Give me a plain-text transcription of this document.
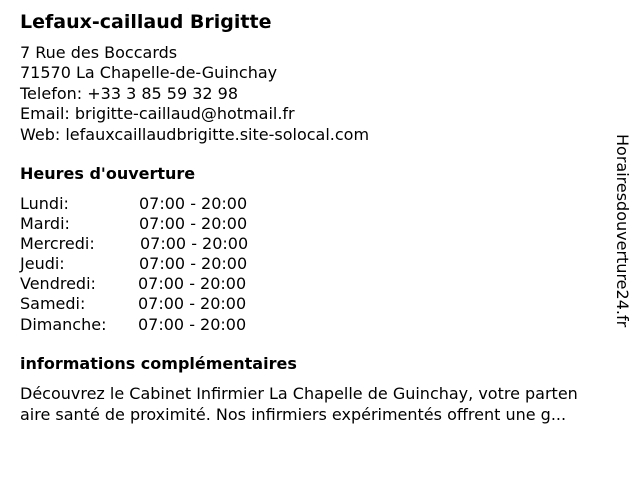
Lefaux-caillaud Brigitte
7 Rue des Boccards
71570 La Chapelle-de-Guinchay
Telefon: +33 3 85 59 32 98
Email: brigitte-caillaud@hotmail.fr
Web: lefauxcaillaudbrigitte.site-solocal.com
Heures d'ouverture
Lundi:	07:00 - 20:00
Mardi:	07:00 - 20:00
Mercredi:	07:00 - 20:00
Jeudi:	07:00 - 20:00
Vendredi:	07:00 - 20:00
Samedi:	07:00 - 20:00
Dimanche: 07:00 - 20:00
informations complémentaires
Découvrez le Cabinet Infirmier La Chapelle de Guinchay, votre parten
aire santé de proximité. Nos infirmiers expérimentés offrent une g...
Horairesdouverture24.fr
